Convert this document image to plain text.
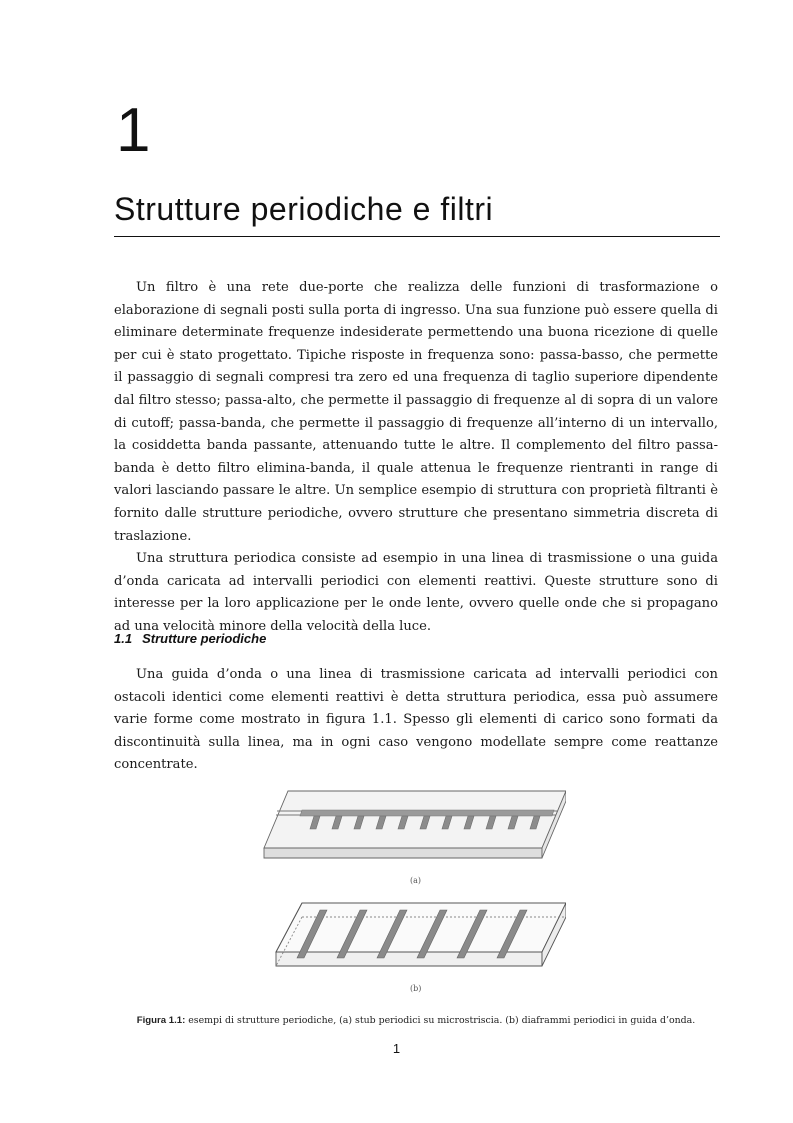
1
Strutture periodiche e filtri

Un filtro è una rete due-porte che realizza delle funzioni di trasformazione o elaborazione di segnali posti sulla porta di ingresso. Una sua funzione può essere quella di eliminare determinate frequenze indesiderate permettendo una buona ricezione di quelle per cui è stato progettato. Tipiche risposte in frequenza sono: passa-basso, che permette il passaggio di segnali compresi tra zero ed una frequenza di taglio superiore dipendente dal filtro stesso; passa-alto, che permette il passaggio di frequenze al di sopra di un valore di cutoff; passa-banda, che permette il passaggio di frequenze all’interno di un intervallo, la cosiddetta banda passante, attenuando tutte le altre. Il complemento del filtro passa-banda è detto filtro elimina-banda, il quale attenua le frequenze rientranti in range di valori lasciando passare le altre. Un semplice esempio di struttura con proprietà filtranti è fornito dalle strutture periodiche, ovvero strutture che presentano simmetria discreta di traslazione.

Una struttura periodica consiste ad esempio in una linea di trasmissione o una guida d’onda caricata ad intervalli periodici con elementi reattivi. Queste strutture sono di interesse per la loro applicazione per le onde lente, ovvero quelle onde che si propagano ad una velocità minore della velocità della luce.

1.1 Strutture periodiche

Una guida d’onda o una linea di trasmissione caricata ad intervalli periodici con ostacoli identici come elementi reattivi è detta struttura periodica, essa può assumere varie forme come mostrato in figura 1.1. Spesso gli elementi di carico sono formati da discontinuità sulla linea, ma in ogni caso vengono modellate sempre come reattanze concentrate.

(a)
(b)
Figura 1.1: esempi di strutture periodiche, (a) stub periodici su microstriscia. (b) diaframmi periodici in guida d’onda.
1
